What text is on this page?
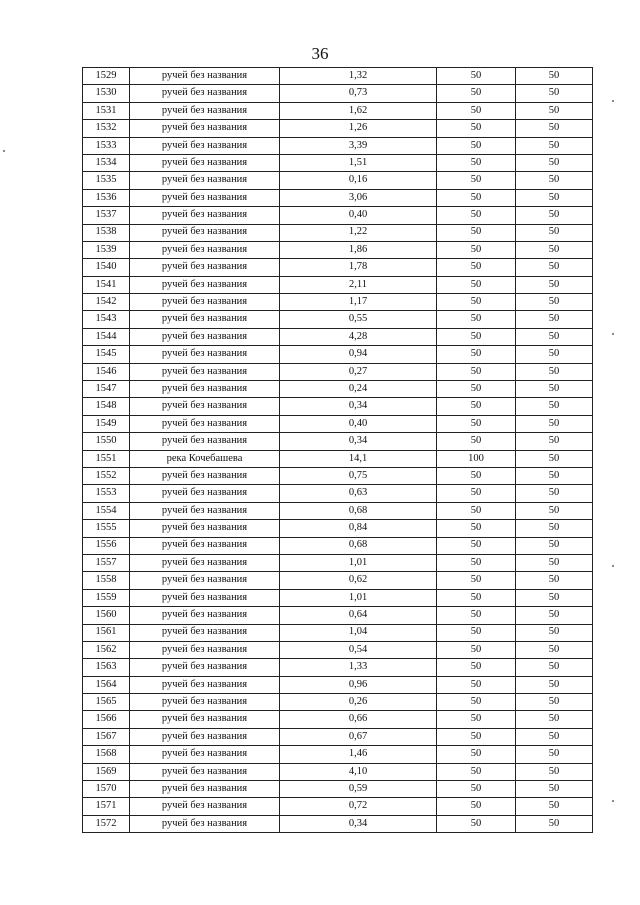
36
1529	ручей без названия	1,32	50	50
1530	ручей без названия	0,73	50	50
1531	ручей без названия	1,62	50	50
1532	ручей без названия	1,26	50	50
1533	ручей без названия	3,39	50	50
1534	ручей без названия	1,51	50	50
1535	ручей без названия	0,16	50	50
1536	ручей без названия	3,06	50	50
1537	ручей без названия	0,40	50	50
1538	ручей без названия	1,22	50	50
1539	ручей без названия	1,86	50	50
1540	ручей без названия	1,78	50	50
1541	ручей без названия	2,11	50	50
1542	ручей без названия	1,17	50	50
1543	ручей без названия	0,55	50	50
1544	ручей без названия	4,28	50	50
1545	ручей без названия	0,94	50	50
1546	ручей без названия	0,27	50	50
1547	ручей без названия	0,24	50	50
1548	ручей без названия	0,34	50	50
1549	ручей без названия	0,40	50	50
1550	ручей без названия	0,34	50	50
1551	река Кочебашева	14,1	100	50
1552	ручей без названия	0,75	50	50
1553	ручей без названия	0,63	50	50
1554	ручей без названия	0,68	50	50
1555	ручей без названия	0,84	50	50
1556	ручей без названия	0,68	50	50
1557	ручей без названия	1,01	50	50
1558	ручей без названия	0,62	50	50
1559	ручей без названия	1,01	50	50
1560	ручей без названия	0,64	50	50
1561	ручей без названия	1,04	50	50
1562	ручей без названия	0,54	50	50
1563	ручей без названия	1,33	50	50
1564	ручей без названия	0,96	50	50
1565	ручей без названия	0,26	50	50
1566	ручей без названия	0,66	50	50
1567	ручей без названия	0,67	50	50
1568	ручей без названия	1,46	50	50
1569	ручей без названия	4,10	50	50
1570	ручей без названия	0,59	50	50
1571	ручей без названия	0,72	50	50
1572	ручей без названия	0,34	50	50
